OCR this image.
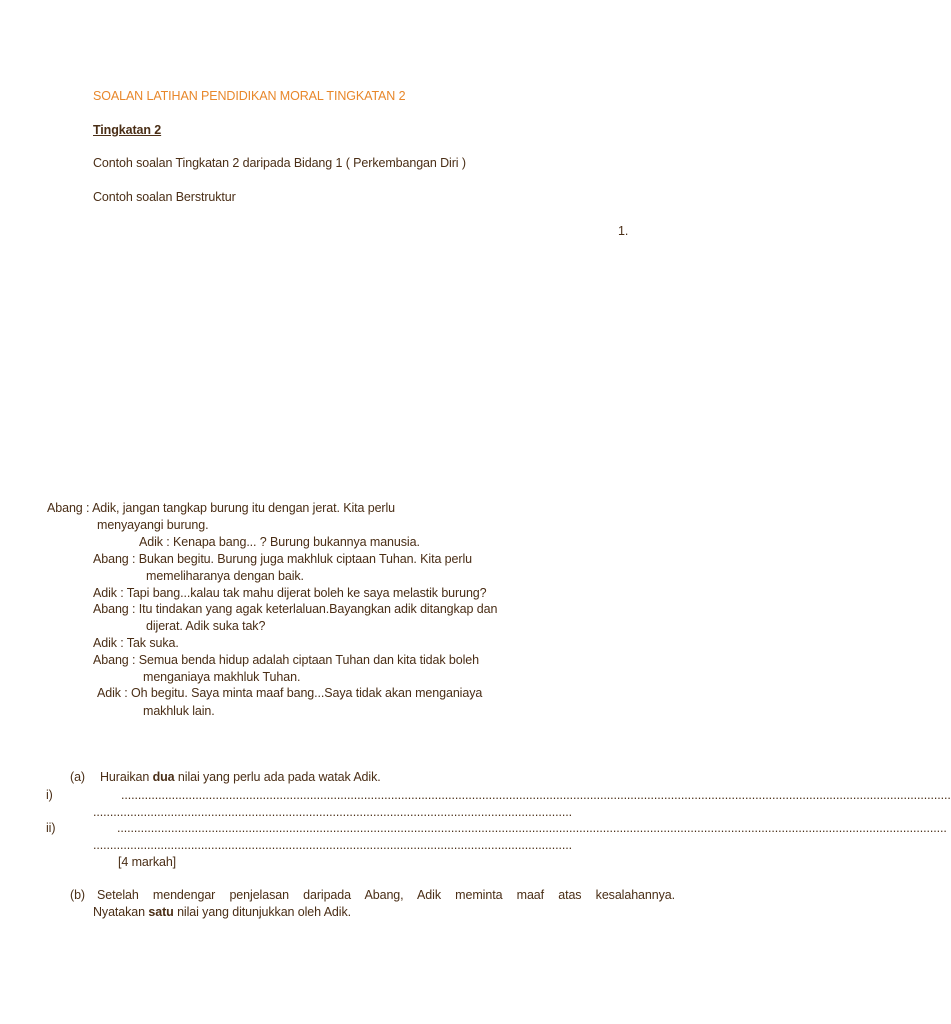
SOALAN LATIHAN PENDIDIKAN MORAL TINGKATAN 2
Tingkatan 2
Contoh soalan Tingkatan 2 daripada Bidang 1 ( Perkembangan Diri )
Contoh soalan Berstruktur
1.
Abang : Adik, jangan tangkap burung itu dengan jerat. Kita perlu
menyayangi burung.
Adik : Kenapa bang... ? Burung bukannya manusia.
Abang : Bukan begitu. Burung juga makhluk ciptaan Tuhan. Kita perlu
memeliharanya dengan baik.
Adik : Tapi bang...kalau tak mahu dijerat boleh ke saya melastik burung?
Abang : Itu tindakan yang agak keterlaluan.Bayangkan adik ditangkap dan
dijerat. Adik suka tak?
Adik : Tak suka.
Abang : Semua benda hidup adalah ciptaan Tuhan dan kita tidak boleh
menganiaya makhluk Tuhan.
Adik : Oh begitu. Saya minta maaf bang...Saya tidak akan menganiaya
makhluk lain.
(a) Huraikan dua nilai yang perlu ada pada watak Adik.
i)	......................................................................................................................................................................................................................................................
..............................................................................................................................................
ii)	......................................................................................................................................................................................................................................................
..............................................................................................................................................
[4 markah]
(b) Setelah mendengar penjelasan daripada Abang, Adik meminta maaf atas kesalahannya.
Nyatakan satu nilai yang ditunjukkan oleh Adik.
